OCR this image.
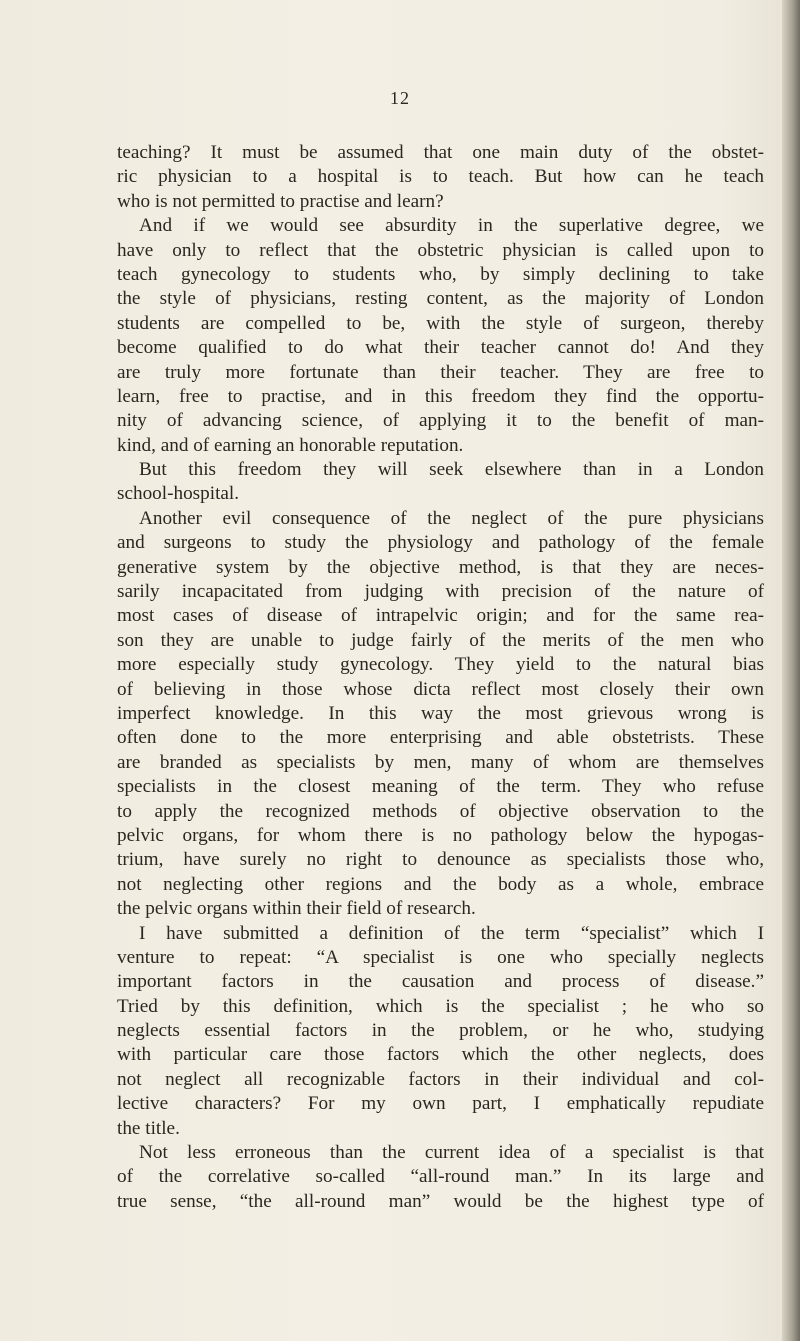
12
teaching? It must be assumed that one main duty of the obstet-
ric physician to a hospital is to teach. But how can he teach
who is not permitted to practise and learn?
And if we would see absurdity in the superlative degree, we
have only to reflect that the obstetric physician is called upon to
teach gynecology to students who, by simply declining to take
the style of physicians, resting content, as the majority of London
students are compelled to be, with the style of surgeon, thereby
become qualified to do what their teacher cannot do! And they
are truly more fortunate than their teacher. They are free to
learn, free to practise, and in this freedom they find the opportu-
nity of advancing science, of applying it to the benefit of man-
kind, and of earning an honorable reputation.
But this freedom they will seek elsewhere than in a London
school-hospital.
Another evil consequence of the neglect of the pure physicians
and surgeons to study the physiology and pathology of the female
generative system by the objective method, is that they are neces-
sarily incapacitated from judging with precision of the nature of
most cases of disease of intrapelvic origin; and for the same rea-
son they are unable to judge fairly of the merits of the men who
more especially study gynecology. They yield to the natural bias
of believing in those whose dicta reflect most closely their own
imperfect knowledge. In this way the most grievous wrong is
often done to the more enterprising and able obstetrists. These
are branded as specialists by men, many of whom are themselves
specialists in the closest meaning of the term. They who refuse
to apply the recognized methods of objective observation to the
pelvic organs, for whom there is no pathology below the hypogas-
trium, have surely no right to denounce as specialists those who,
not neglecting other regions and the body as a whole, embrace
the pelvic organs within their field of research.
I have submitted a definition of the term “specialist” which I
venture to repeat: “A specialist is one who specially neglects
important factors in the causation and process of disease.”
Tried by this definition, which is the specialist ; he who so
neglects essential factors in the problem, or he who, studying
with particular care those factors which the other neglects, does
not neglect all recognizable factors in their individual and col-
lective characters? For my own part, I emphatically repudiate
the title.
Not less erroneous than the current idea of a specialist is that
of the correlative so-called “all-round man.” In its large and
true sense, “the all-round man” would be the highest type of
